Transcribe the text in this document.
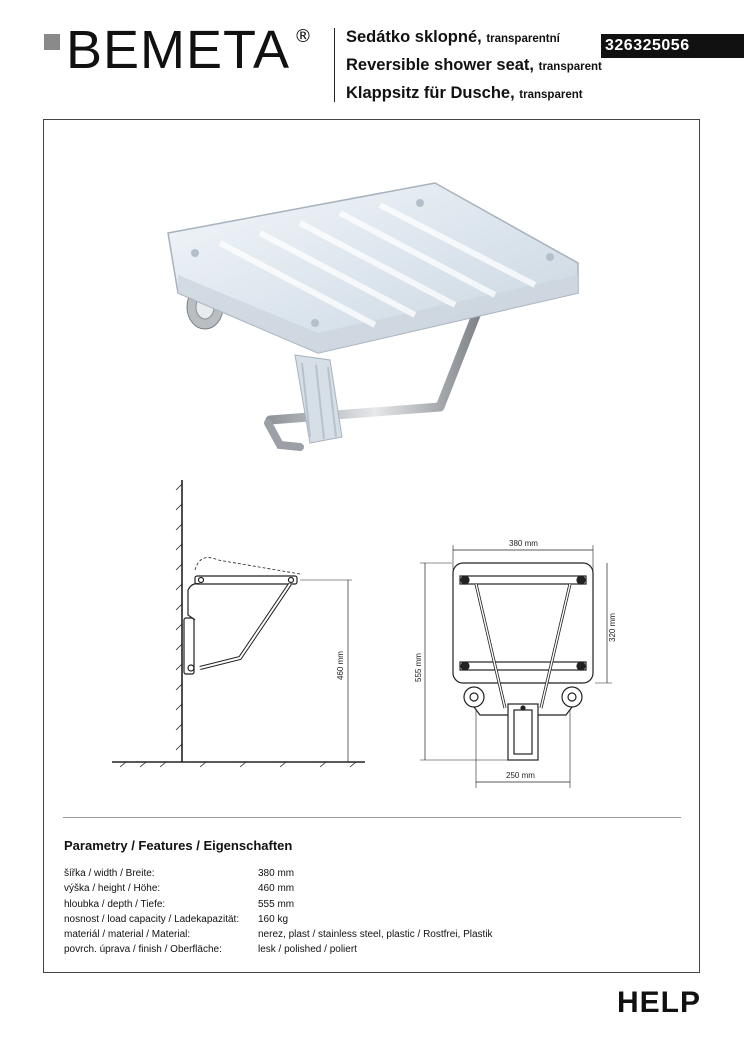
BEMETA ® Sedátko sklopné, transparentní
Reversible shower seat, transparent
Klappsitz für Dusche, transparent
326325056
460 mm
380 mm
555 mm
320 mm
250 mm
Parametry / Features / Eigenschaften
šířka / width / Breite:	380 mm
výška / height / Höhe:	460 mm
hloubka / depth / Tiefe:	555 mm
nosnost / load capacity / Ladekapazität:	160 kg
materiál / material / Material:	nerez, plast / stainless steel, plastic / Rostfrei, Plastik
povrch. úprava / finish / Oberfläche:	lesk / polished / poliert
HELP
